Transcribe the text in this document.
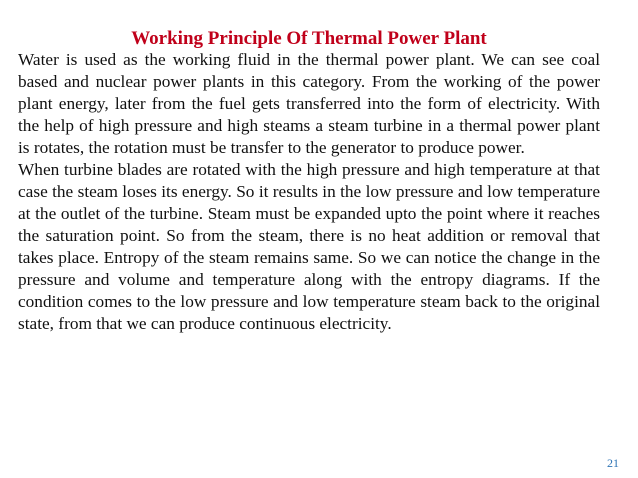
Working Principle Of Thermal Power Plant

Water is used as the working fluid in the thermal power plant. We can see coal based and nuclear power plants in this category. From the working of the power plant energy, later from the fuel gets transferred into the form of electricity. With the help of high pressure and high steams a steam turbine in a thermal power plant is rotates, the rotation must be transfer to the generator to produce power.

When turbine blades are rotated with the high pressure and high temperature at that case the steam loses its energy. So it results in the low pressure and low temperature at the outlet of the turbine. Steam must be expanded upto the point where it reaches the saturation point. So from the steam, there is no heat addition or removal that takes place. Entropy of the steam remains same. So we can notice the change in the pressure and volume and temperature along with the entropy diagrams. If the condition comes to the low pressure and low temperature steam back to the original state, from that we can produce continuous electricity.

21
